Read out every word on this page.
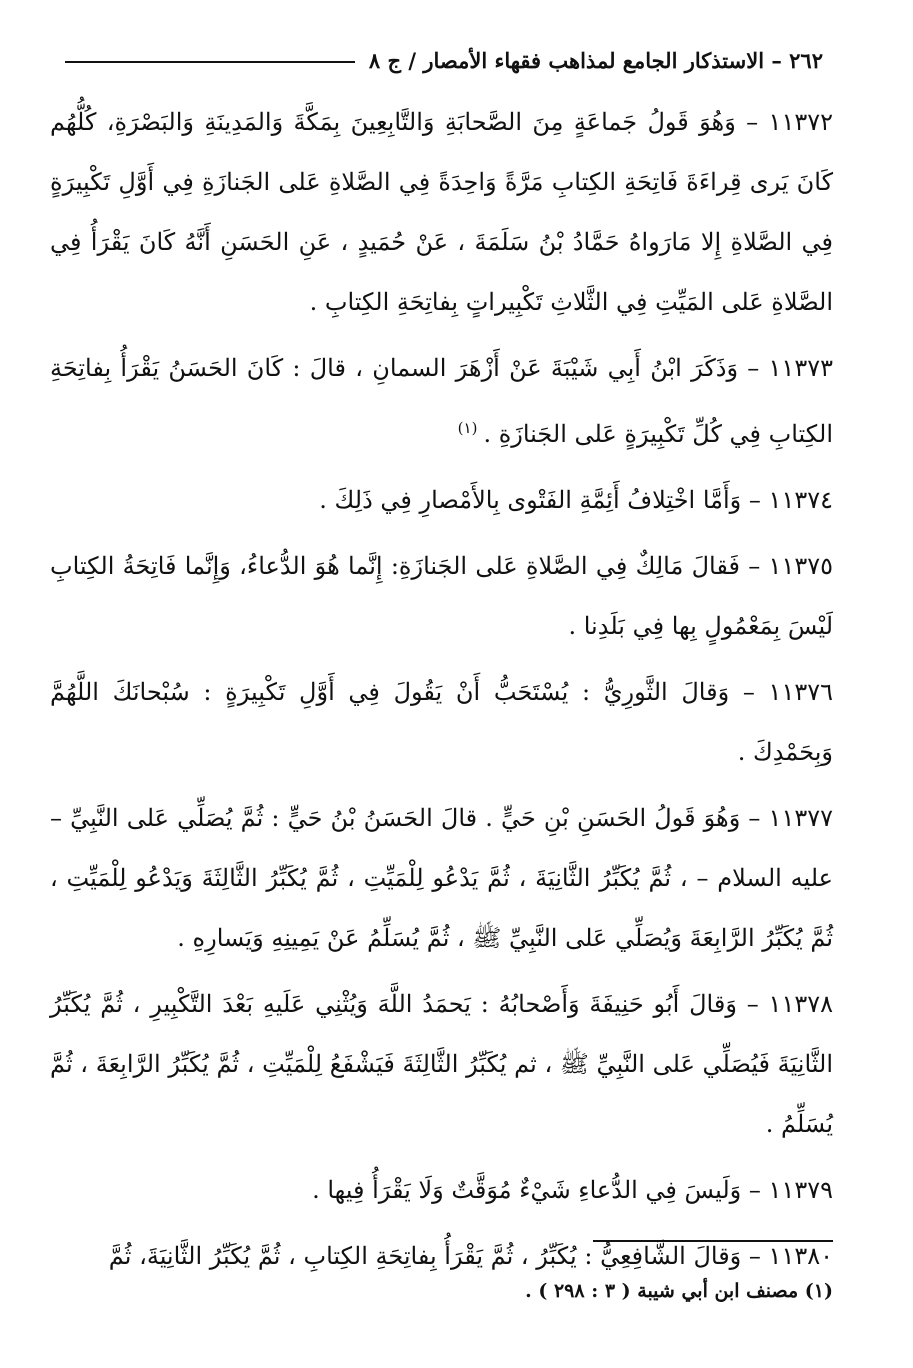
٢٦٢ – الاستذكار الجامع لمذاهب فقهاء الأمصار / ج ٨

١١٣٧٢ – وَهُوَ قَولُ جَماعَةٍ مِنَ الصَّحابَةِ وَالتَّابِعِينَ بِمَكَّةَ وَالمَدِينَةِ وَالبَصْرَةِ، كُلُّهُم كَانَ يَرى قِراءَةَ فَاتِحَةِ الكِتابِ مَرَّةً وَاحِدَةً فِي الصَّلاةِ عَلى الجَنازَةِ فِي أَوَّلِ تَكْبِيرَةٍ فِي الصَّلاةِ إِلا مَارَواهُ حَمَّادُ بْنُ سَلَمَةَ ، عَنْ حُمَيدٍ ، عَنِ الحَسَنِ أَنَّهُ كَانَ يَقْرَأُ فِي الصَّلاةِ عَلى المَيِّتِ فِي الثَّلاثِ تَكْبِيراتٍ بِفاتِحَةِ الكِتابِ .

١١٣٧٣ – وَذَكَرَ ابْنُ أَبِي شَيْبَةَ عَنْ أَزْهَرَ السمانِ ، قالَ : كَانَ الحَسَنُ يَقْرَأُ بِفاتِحَةِ الكِتابِ فِي كُلِّ تَكْبِيرَةٍ عَلى الجَنازَةِ .$^{(١)}$

١١٣٧٤ – وَأَمَّا اخْتِلافُ أَئِمَّةِ الفَتْوى بِالأَمْصارِ فِي ذَلِكَ .

١١٣٧٥ – فَقالَ مَالِكٌ فِي الصَّلاةِ عَلى الجَنازَةِ: إِنَّما هُوَ الدُّعاءُ، وَإِنَّما فَاتِحَةُ الكِتابِ لَيْسَ بِمَعْمُولٍ بِها فِي بَلَدِنا .

١١٣٧٦ – وَقالَ الثَّورِيُّ : يُسْتَحَبُّ أَنْ يَقُولَ فِي أَوَّلِ تَكْبِيرَةٍ : سُبْحانَكَ اللَّهُمَّ وَبِحَمْدِكَ .

١١٣٧٧ – وَهُوَ قَولُ الحَسَنِ بْنِ حَيٍّ . قالَ الحَسَنُ بْنُ حَيٍّ : ثُمَّ يُصَلِّي عَلى النَّبِيِّ – عليه السلام – ، ثُمَّ يُكَبِّرُ الثَّانِيَةَ ، ثُمَّ يَدْعُو لِلْمَيِّتِ ، ثُمَّ يُكَبِّرُ الثَّالِثَةَ وَيَدْعُو لِلْمَيِّتِ ، ثُمَّ يُكَبِّرُ الرَّابِعَةَ وَيُصَلِّي عَلى النَّبِيِّ ﷺ ، ثُمَّ يُسَلِّمُ عَنْ يَمِينِهِ وَيَسارِهِ .

١١٣٧٨ – وَقالَ أَبُو حَنِيفَةَ وَأَصْحابُهُ : يَحمَدُ اللَّهَ وَيُثْنِي عَلَيهِ بَعْدَ التَّكْبِيرِ ، ثُمَّ يُكَبِّرُ الثَّانِيَةَ فَيُصَلِّي عَلى النَّبِيِّ ﷺ ، ثم يُكَبِّرُ الثَّالِثَةَ فَيَشْفَعُ لِلْمَيِّتِ ، ثُمَّ يُكَبِّرُ الرَّابِعَةَ ، ثُمَّ يُسَلِّمُ .

١١٣٧٩ – وَلَيسَ فِي الدُّعاءِ شَيْءٌ مُوَقَّتٌ وَلَا يَقْرَأُ فِيها .

١١٣٨٠ – وَقالَ الشَّافِعِيُّ : يُكَبِّرُ ، ثُمَّ يَقْرَأُ بِفاتِحَةِ الكِتابِ ، ثُمَّ يُكَبِّرُ الثَّانِيَةَ، ثُمَّ

(١) مصنف ابن أبي شيبة ( ٣ : ٢٩٨ ) .
